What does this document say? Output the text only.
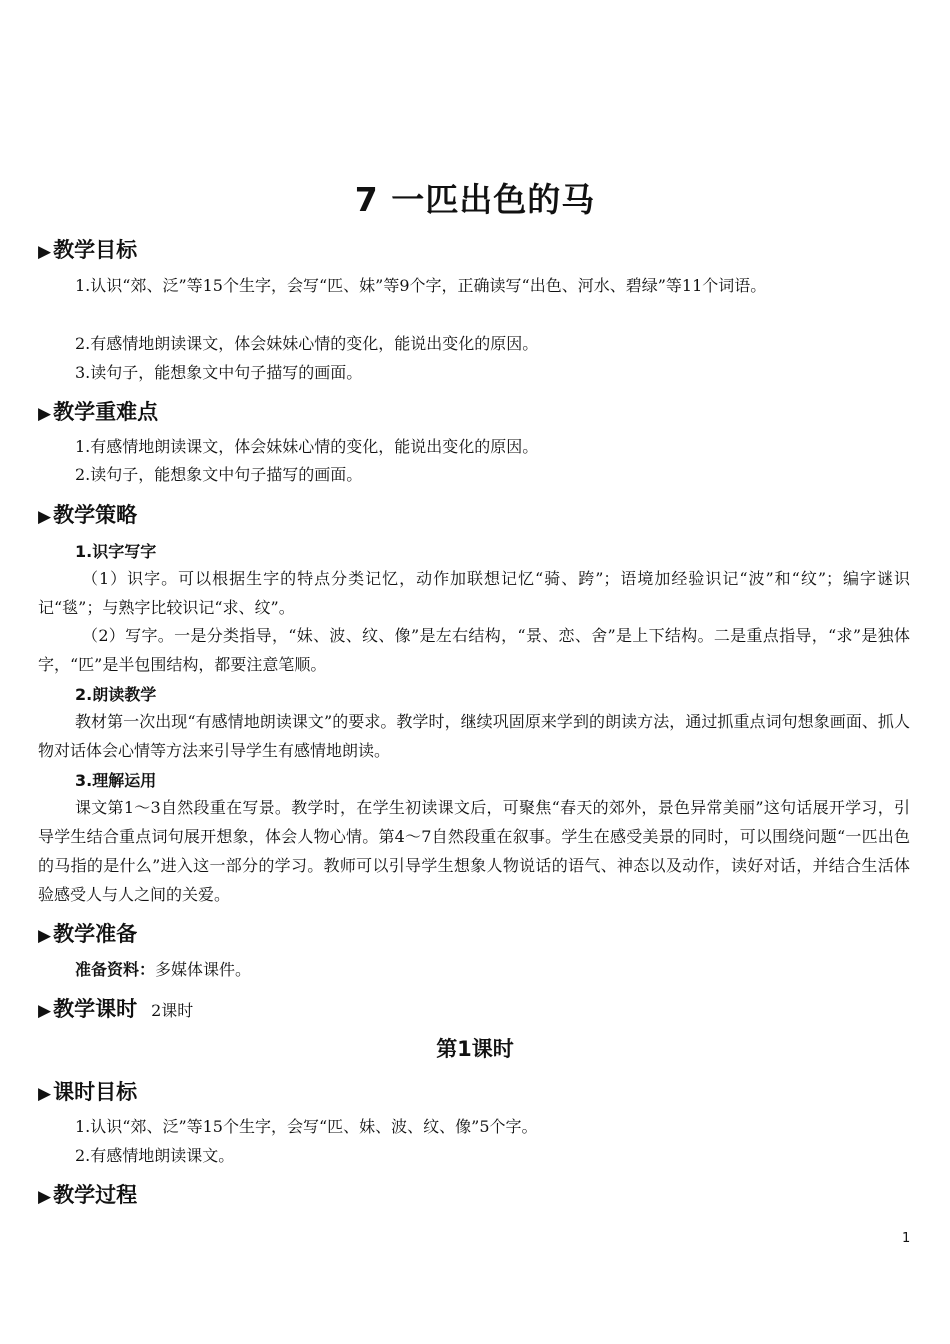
7 一匹出色的马
▶教学目标
1.认识“郊、泛”等15个生字，会写“匹、妹”等9个字，正确读写“出色、河水、碧绿”等11个词语。
2.有感情地朗读课文，体会妹妹心情的变化，能说出变化的原因。
3.读句子，能想象文中句子描写的画面。
▶教学重难点
1.有感情地朗读课文，体会妹妹心情的变化，能说出变化的原因。
2.读句子，能想象文中句子描写的画面。
▶教学策略
1.识字写字
（1）识字。可以根据生字的特点分类记忆，动作加联想记忆“骑、跨”；语境加经验识记“波”和“纹”；编字谜识记“毯”；与熟字比较识记“求、纹”。
（2）写字。一是分类指导，“妹、波、纹、像”是左右结构，“景、恋、舍”是上下结构。二是重点指导，“求”是独体字，“匹”是半包围结构，都要注意笔顺。
2.朗读教学
教材第一次出现“有感情地朗读课文”的要求。教学时，继续巩固原来学到的朗读方法，通过抓重点词句想象画面、抓人物对话体会心情等方法来引导学生有感情地朗读。
3.理解运用
课文第1～3自然段重在写景。教学时，在学生初读课文后，可聚焦“春天的郊外，景色异常美丽”这句话展开学习，引导学生结合重点词句展开想象，体会人物心情。第4～7自然段重在叙事。学生在感受美景的同时，可以围绕问题“一匹出色的马指的是什么”进入这一部分的学习。教师可以引导学生想象人物说话的语气、神态以及动作，读好对话，并结合生活体验感受人与人之间的关爱。
▶教学准备
准备资料：多媒体课件。
▶教学课时 2课时
第1课时
▶课时目标
1.认识“郊、泛”等15个生字，会写“匹、妹、波、纹、像”5个字。
2.有感情地朗读课文。
▶教学过程
1
